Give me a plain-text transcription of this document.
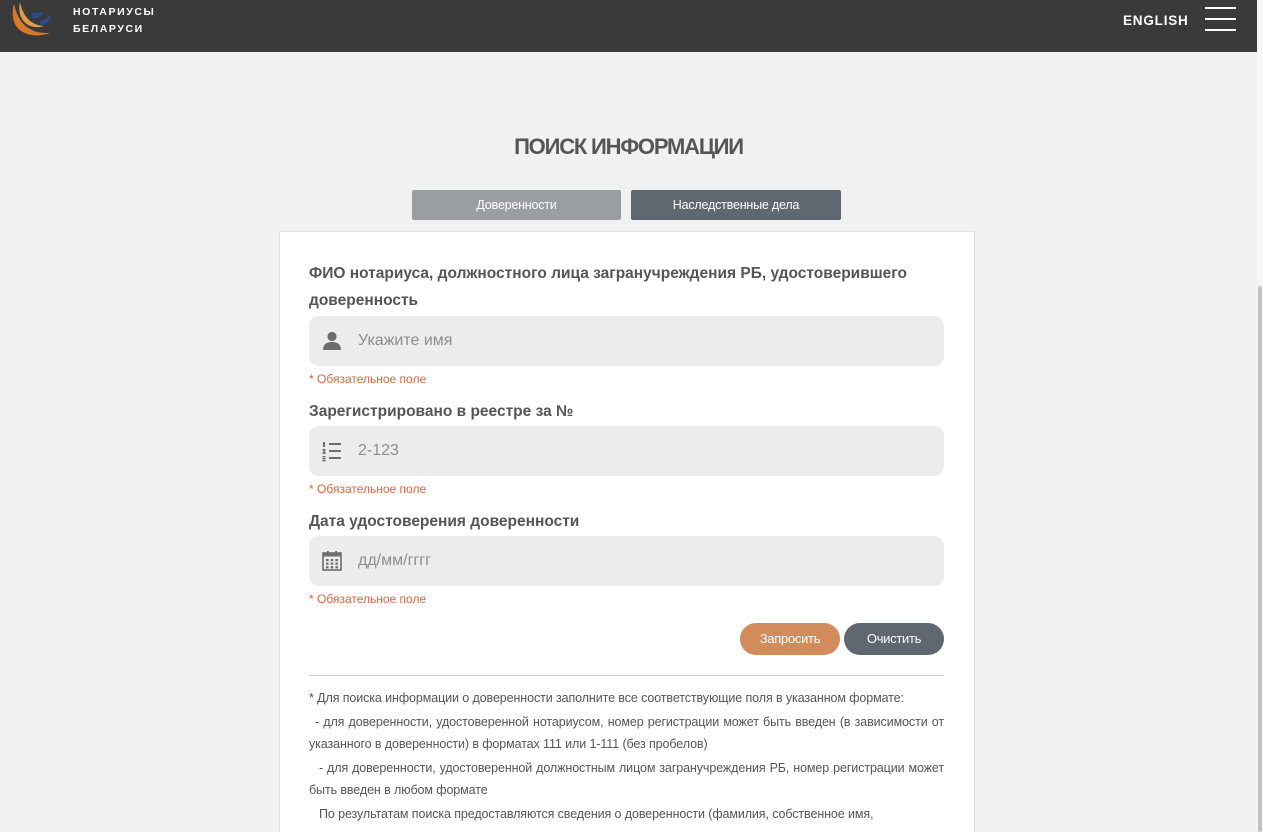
НОТАРИУСЫ
БЕЛАРУСИ
ENGLISH
ПОИСК ИНФОРМАЦИИ
Доверенности	Наследственные дела
ФИО нотариуса, должностного лица загранучреждения РБ, удостоверившего доверенность
Укажите имя
* Обязательное поле
Зарегистрировано в реестре за №
2-123
* Обязательное поле
Дата удостоверения доверенности
дд/мм/гггг
* Обязательное поле
Запросить	Очистить
* Для поиска информации о доверенности заполните все соответствующие поля в указанном формате:
- для доверенности, удостоверенной нотариусом, номер регистрации может быть введен (в зависимости от указанного в доверенности) в форматах 111 или 1-111 (без пробелов)
- для доверенности, удостоверенной должностным лицом загранучреждения РБ, номер регистрации может быть введен в любом формате
По результатам поиска предоставляются сведения о доверенности (фамилия, собственное имя,
